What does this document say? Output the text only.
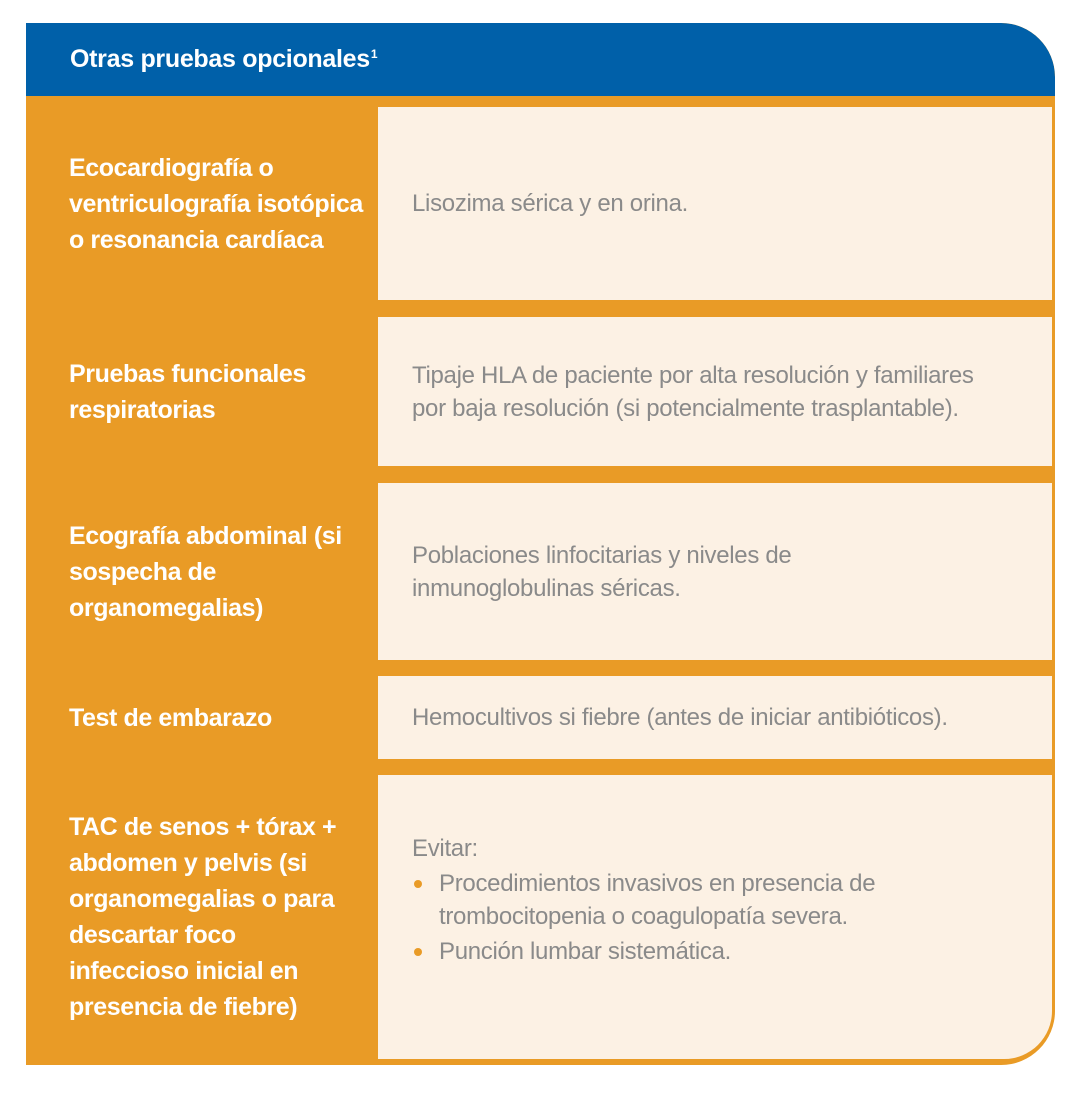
Otras pruebas opcionales$^1$
Ecocardiografía o ventriculografía isotópica o resonancia cardíaca
Lisozima sérica y en orina.
Pruebas funcionales respiratorias
Tipaje HLA de paciente por alta resolución y familiares por baja resolución (si potencialmente trasplantable).
Ecografía abdominal (si sospecha de organomegalias)
Poblaciones linfocitarias y niveles de inmunoglobulinas séricas.
Test de embarazo	Hemocultivos si fiebre (antes de iniciar antibióticos).
TAC de senos + tórax + abdomen y pelvis (si organomegalias o para descartar foco infeccioso inicial en presencia de fiebre)
Evitar:
Procedimientos invasivos en presencia de trombocitopenia o coagulopatía severa.
Punción lumbar sistemática.
